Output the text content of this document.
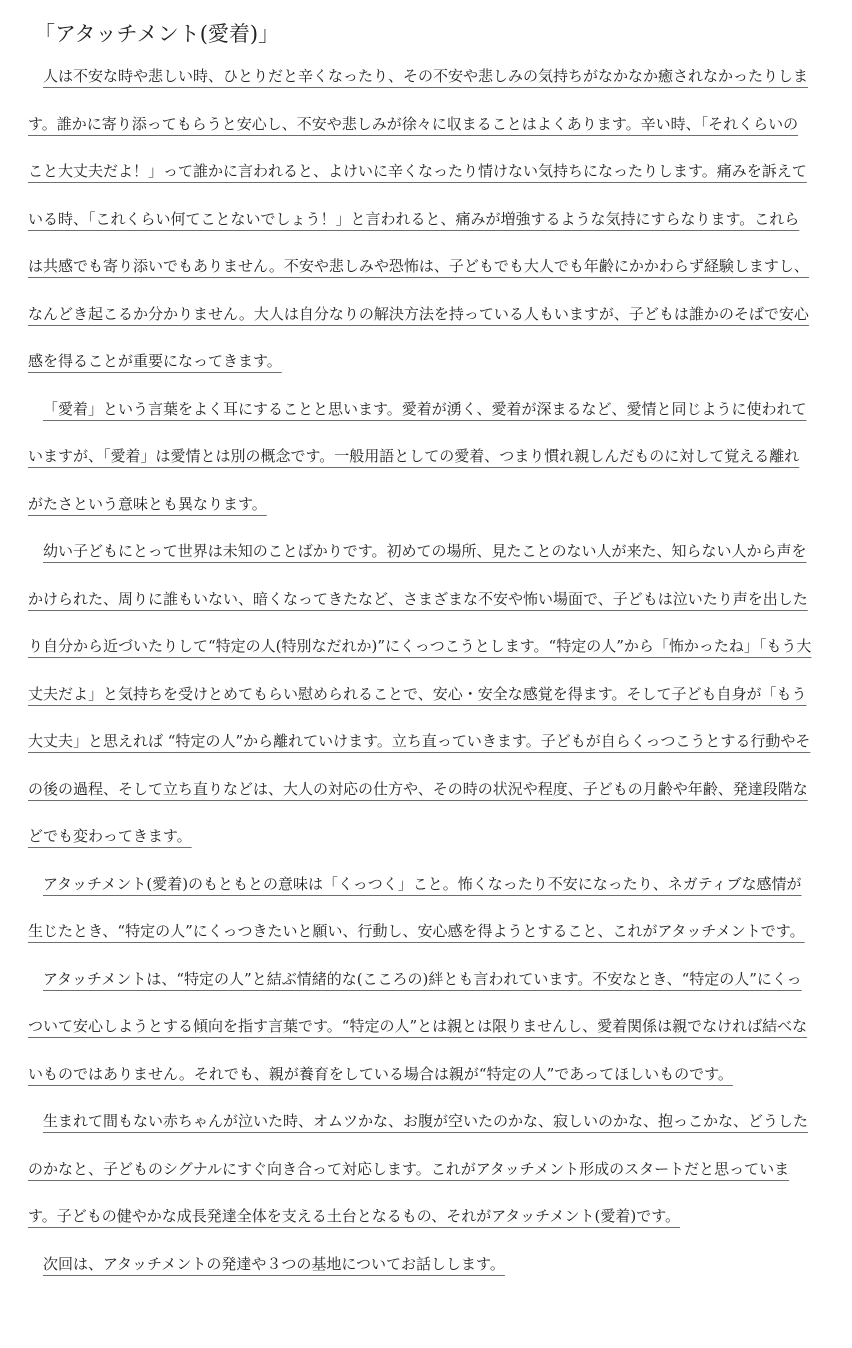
「アタッチメント(愛着)」

人は不安な時や悲しい時、ひとりだと辛くなったり、その不安や悲しみの気持ちがなかなか癒されなかったりします。誰かに寄り添ってもらうと安心し、不安や悲しみが徐々に収まることはよくあります。辛い時、「それくらいのこと大丈夫だよ！」って誰かに言われると、よけいに辛くなったり情けない気持ちになったりします。痛みを訴えている時、「これくらい何てことないでしょう！」と言われると、痛みが増強するような気持にすらなります。これらは共感でも寄り添いでもありません。不安や悲しみや恐怖は、子どもでも大人でも年齢にかかわらず経験しますし、なんどき起こるか分かりません。大人は自分なりの解決方法を持っている人もいますが、子どもは誰かのそばで安心感を得ることが重要になってきます。

「愛着」という言葉をよく耳にすることと思います。愛着が湧く、愛着が深まるなど、愛情と同じように使われていますが、「愛着」は愛情とは別の概念です。一般用語としての愛着、つまり慣れ親しんだものに対して覚える離れがたさという意味とも異なります。

幼い子どもにとって世界は未知のことばかりです。初めての場所、見たことのない人が来た、知らない人から声をかけられた、周りに誰もいない、暗くなってきたなど、さまざまな不安や怖い場面で、子どもは泣いたり声を出したり自分から近づいたりして“特定の人(特別なだれか)”にくっつこうとします。“特定の人”から「怖かったね」「もう大丈夫だよ」と気持ちを受けとめてもらい慰められることで、安心・安全な感覚を得ます。そして子ども自身が「もう大丈夫」と思えれば “特定の人”から離れていけます。立ち直っていきます。子どもが自らくっつこうとする行動やその後の過程、そして立ち直りなどは、大人の対応の仕方や、その時の状況や程度、子どもの月齢や年齢、発達段階などでも変わってきます。

アタッチメント(愛着)のもともとの意味は「くっつく」こと。怖くなったり不安になったり、ネガティブな感情が生じたとき、“特定の人”にくっつきたいと願い、行動し、安心感を得ようとすること、これがアタッチメントです。

アタッチメントは、“特定の人”と結ぶ情緒的な(こころの)絆とも言われています。不安なとき、“特定の人”にくっついて安心しようとする傾向を指す言葉です。“特定の人”とは親とは限りませんし、愛着関係は親でなければ結べないものではありません。それでも、親が養育をしている場合は親が“特定の人”であってほしいものです。

生まれて間もない赤ちゃんが泣いた時、オムツかな、お腹が空いたのかな、寂しいのかな、抱っこかな、どうしたのかなと、子どものシグナルにすぐ向き合って対応します。これがアタッチメント形成のスタートだと思っています。子どもの健やかな成長発達全体を支える土台となるもの、それがアタッチメント(愛着)です。

次回は、アタッチメントの発達や３つの基地についてお話しします。
